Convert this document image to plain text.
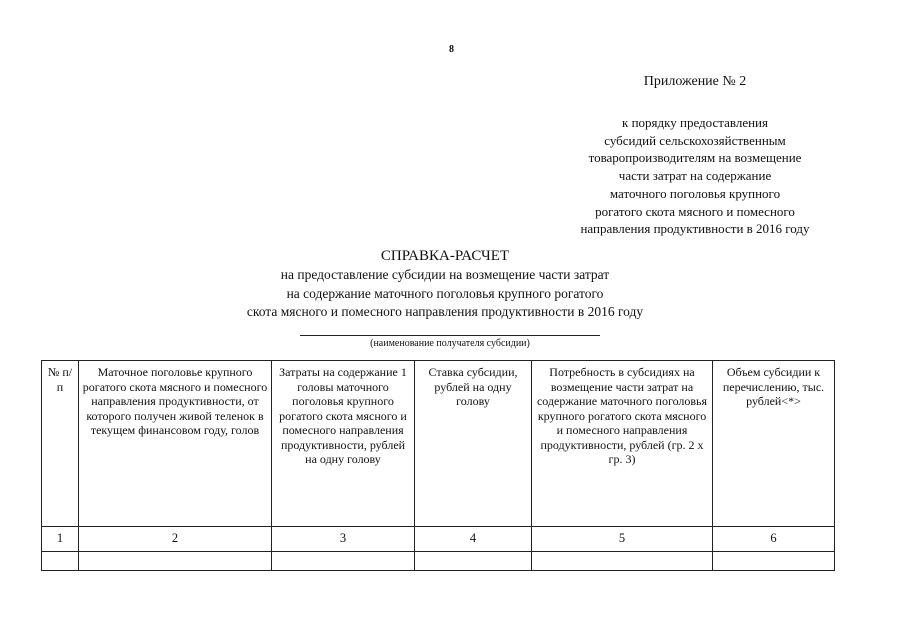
8
Приложение № 2
к порядку предоставления
субсидий сельскохозяйственным
товаропроизводителям на возмещение
части затрат на содержание
маточного поголовья крупного
рогатого скота мясного и помесного
направления продуктивности в 2016 году
СПРАВКА-РАСЧЕТ
на предоставление субсидии на возмещение части затрат
на содержание маточного поголовья крупного рогатого
скота мясного и помесного направления продуктивности в 2016 году
(наименование получателя субсидии)
№ п/п	Маточное поголовье крупного рогатого скота мясного и помесного направления продуктивности, от которого получен живой теленок в текущем финансовом году, голов	Затраты на содержание 1 головы маточного поголовья крупного рогатого скота мясного и помесного направления продуктивности, рублей на одну голову	Ставка субсидии, рублей на одну голову	Потребность в субсидиях на возмещение части затрат на содержание маточного поголовья крупного рогатого скота мясного и помесного направления продуктивности, рублей (гр. 2 x гр. 3)	Объем субсидии к перечислению, тыс. рублей<*>
1	2	3	4	5	6
